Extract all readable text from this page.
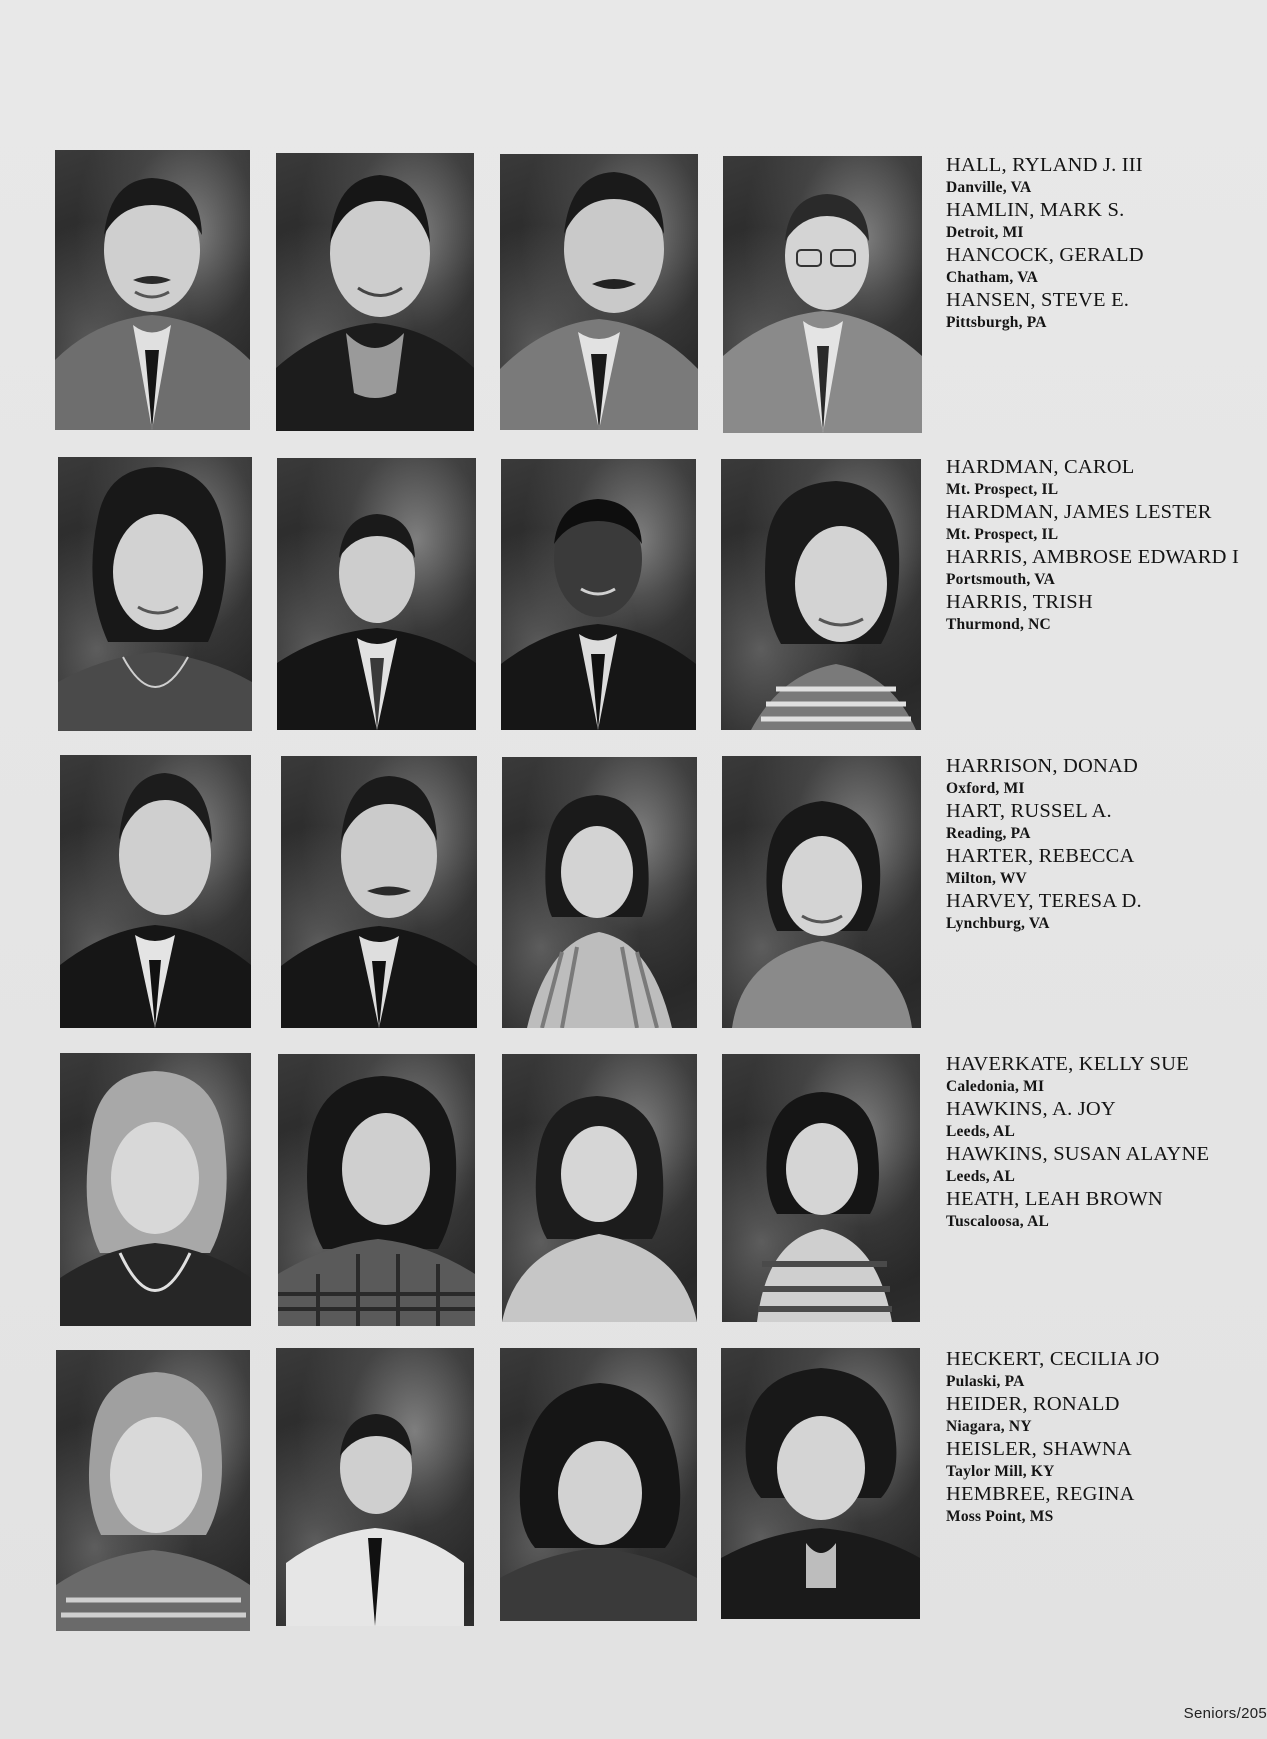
HALL, RYLAND J. III
Danville, VA
HAMLIN, MARK S.
Detroit, MI
HANCOCK, GERALD
Chatham, VA
HANSEN, STEVE E.
Pittsburgh, PA
HARDMAN, CAROL
Mt. Prospect, IL
HARDMAN, JAMES LESTER
Mt. Prospect, IL
HARRIS, AMBROSE EDWARD I
Portsmouth, VA
HARRIS, TRISH
Thurmond, NC
HARRISON, DONAD
Oxford, MI
HART, RUSSEL A.
Reading, PA
HARTER, REBECCA
Milton, WV
HARVEY, TERESA D.
Lynchburg, VA
HAVERKATE, KELLY SUE
Caledonia, MI
HAWKINS, A. JOY
Leeds, AL
HAWKINS, SUSAN ALAYNE
Leeds, AL
HEATH, LEAH BROWN
Tuscaloosa, AL
HECKERT, CECILIA JO
Pulaski, PA
HEIDER, RONALD
Niagara, NY
HEISLER, SHAWNA
Taylor Mill, KY
HEMBREE, REGINA
Moss Point, MS
Seniors/205
